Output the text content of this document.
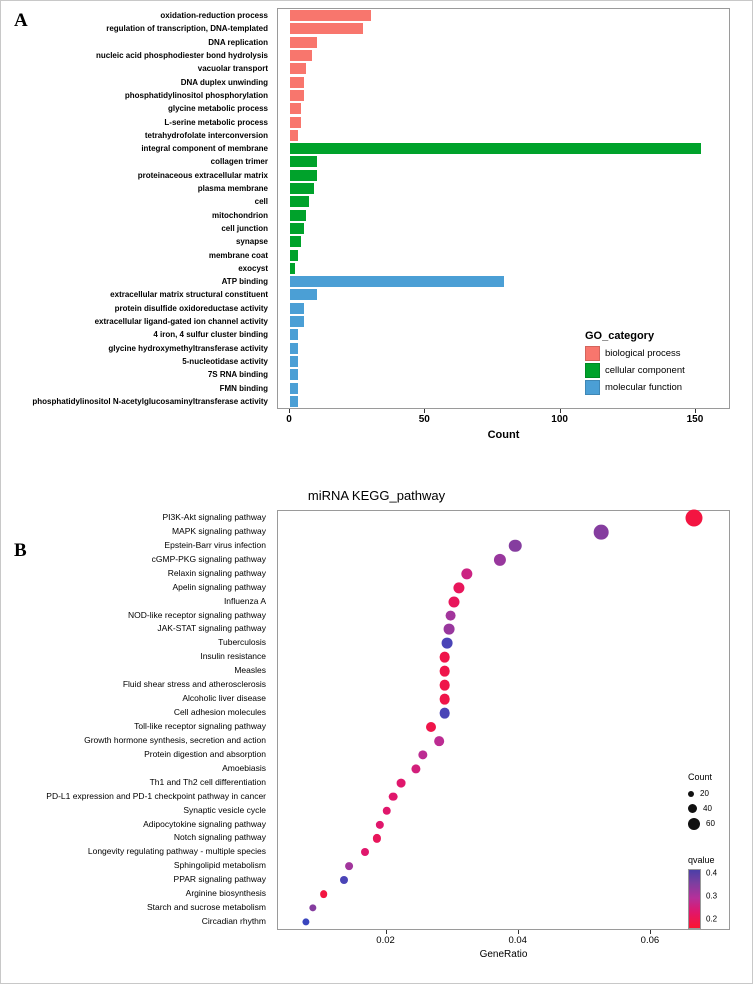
A	oxidation-reduction process
regulation of transcription, DNA-templated
DNA replication
nucleic acid phosphodiester bond hydrolysis
vacuolar transport
DNA duplex unwinding
phosphatidylinositol phosphorylation
glycine metabolic process
L-serine metabolic process
tetrahydrofolate interconversion
integral component of membrane
collagen trimer
proteinaceous extracellular matrix
plasma membrane
cell
mitochondrion
cell junction
synapse
membrane coat
exocyst
ATP binding
extracellular matrix structural constituent
protein disulfide oxidoreductase activity
extracellular ligand-gated ion channel activity
4 iron, 4 sulfur cluster binding
glycine hydroxymethyltransferase activity
5-nucleotidase activity
7S RNA binding
FMN binding
phosphatidylinositol N-acetylglucosaminyltransferase activity
Count
0	50	100	150
GO_category
biological process
cellular component
molecular function
B
miRNA KEGG_pathway
PI3K-Akt signaling pathway
MAPK signaling pathway
Epstein-Barr virus infection
cGMP-PKG signaling pathway
Relaxin signaling pathway
Apelin signaling pathway
Influenza A
NOD-like receptor signaling pathway
JAK-STAT signaling pathway
Tuberculosis
Insulin resistance
Measles
Fluid shear stress and atherosclerosis
Alcoholic liver disease
Cell adhesion molecules
Toll-like receptor signaling pathway
Growth hormone synthesis, secretion and action
Protein digestion and absorption
Amoebiasis
Th1 and Th2 cell differentiation
PD-L1 expression and PD-1 checkpoint pathway in cancer
Synaptic vesicle cycle
Adipocytokine signaling pathway
Notch signaling pathway
Longevity regulating pathway - multiple species
Sphingolipid metabolism
PPAR signaling pathway
Arginine biosynthesis
Starch and sucrose metabolism
Circadian rhythm
GeneRatio
0.02	0.04	0.06
Count
20
40
60
qvalue
0.4
0.3
0.2
